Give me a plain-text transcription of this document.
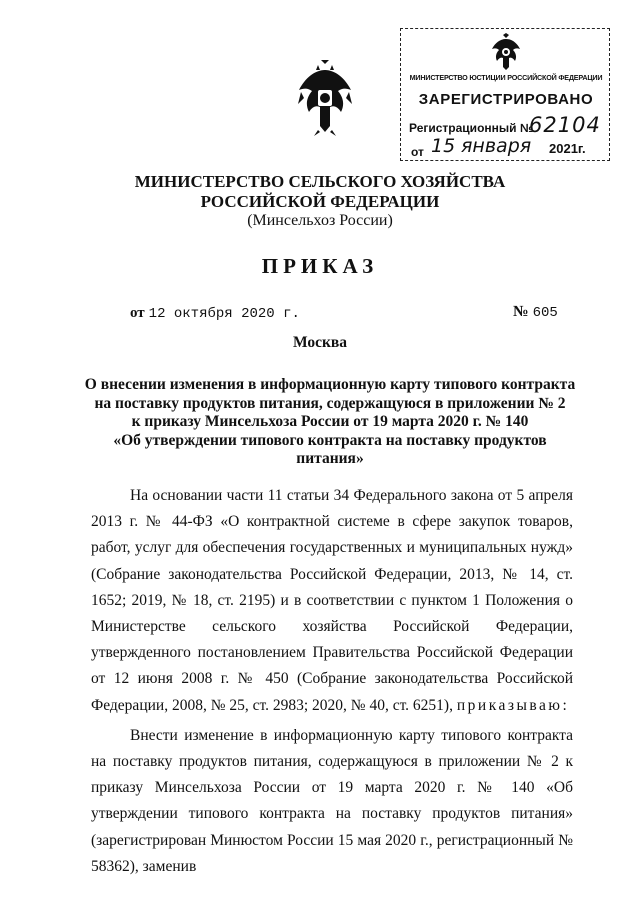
МИНИСТЕРСТВО ЮСТИЦИИ РОССИЙСКОЙ ФЕДЕРАЦИИ
ЗАРЕГИСТРИРОВАНО
Регистрационный №
62104
от 15 января 2021г.
МИНИСТЕРСТВО СЕЛЬСКОГО ХОЗЯЙСТВА
РОССИЙСКОЙ ФЕДЕРАЦИИ
(Минсельхоз России)
ПРИКАЗ
от 12 октября 2020 г.	№ 605
Москва
О внесении изменения в информационную карту типового контракта
на поставку продуктов питания, содержащуюся в приложении № 2
к приказу Минсельхоза России от 19 марта 2020 г. № 140
«Об утверждении типового контракта на поставку продуктов
питания»

На основании части 11 статьи 34 Федерального закона от 5 апреля 2013 г. № 44-ФЗ «О контрактной системе в сфере закупок товаров, работ, услуг для обеспечения государственных и муниципальных нужд» (Собрание законодательства Российской Федерации, 2013, № 14, ст. 1652; 2019, № 18, ст. 2195) и в соответствии с пунктом 1 Положения о Министерстве сельского хозяйства Российской Федерации, утвержденного постановлением Правительства Российской Федерации от 12 июня 2008 г. № 450 (Собрание законодательства Российской Федерации, 2008, № 25, ст. 2983; 2020, № 40, ст. 6251), приказываю:

Внести изменение в информационную карту типового контракта на поставку продуктов питания, содержащуюся в приложении № 2 к приказу Минсельхоза России от 19 марта 2020 г. № 140 «Об утверждении типового контракта на поставку продуктов питания» (зарегистрирован Минюстом России 15 мая 2020 г., регистрационный № 58362), заменив
